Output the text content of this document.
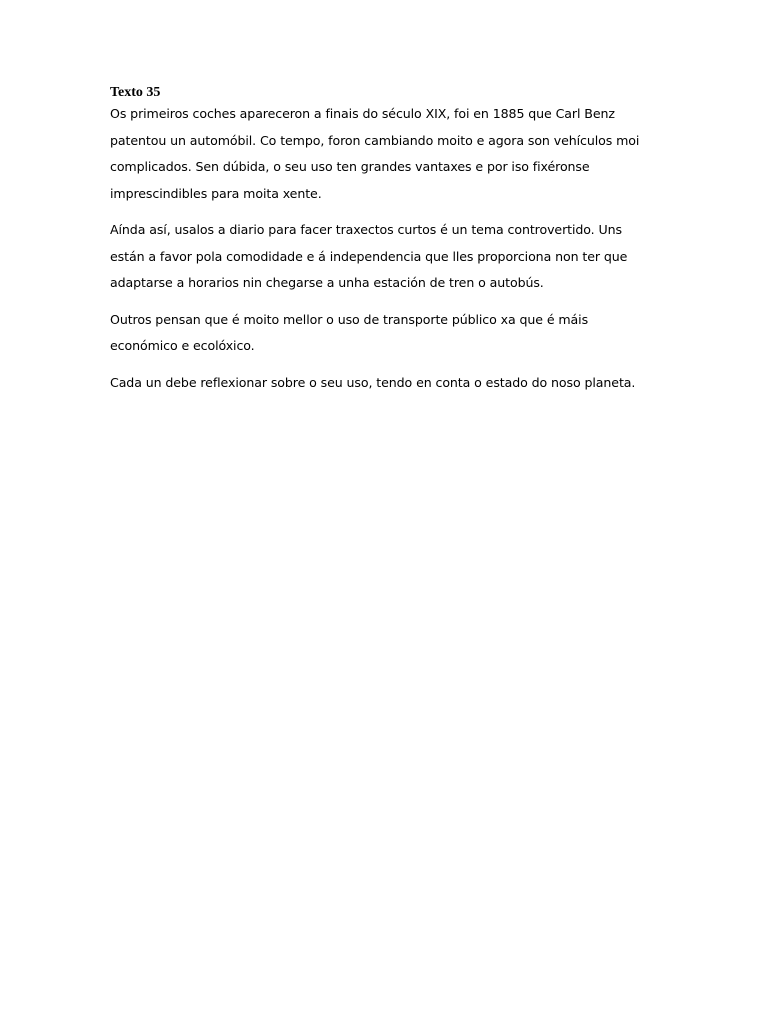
Texto 35
Os primeiros coches apareceron a finais do século XIX, foi en 1885 que Carl Benz
patentou un automóbil. Co tempo, foron cambiando moito e agora son vehículos moi
complicados. Sen dúbida, o seu uso ten grandes vantaxes e por iso fixéronse
imprescindibles para moita xente.
Aínda así, usalos a diario para facer traxectos curtos é un tema controvertido. Uns
están a favor pola comodidade e á independencia que lles proporciona non ter que
adaptarse a horarios nin chegarse a unha estación de tren o autobús.
Outros pensan que é moito mellor o uso de transporte público xa que é máis
económico e ecolóxico.
Cada un debe reflexionar sobre o seu uso, tendo en conta o estado do noso planeta.
